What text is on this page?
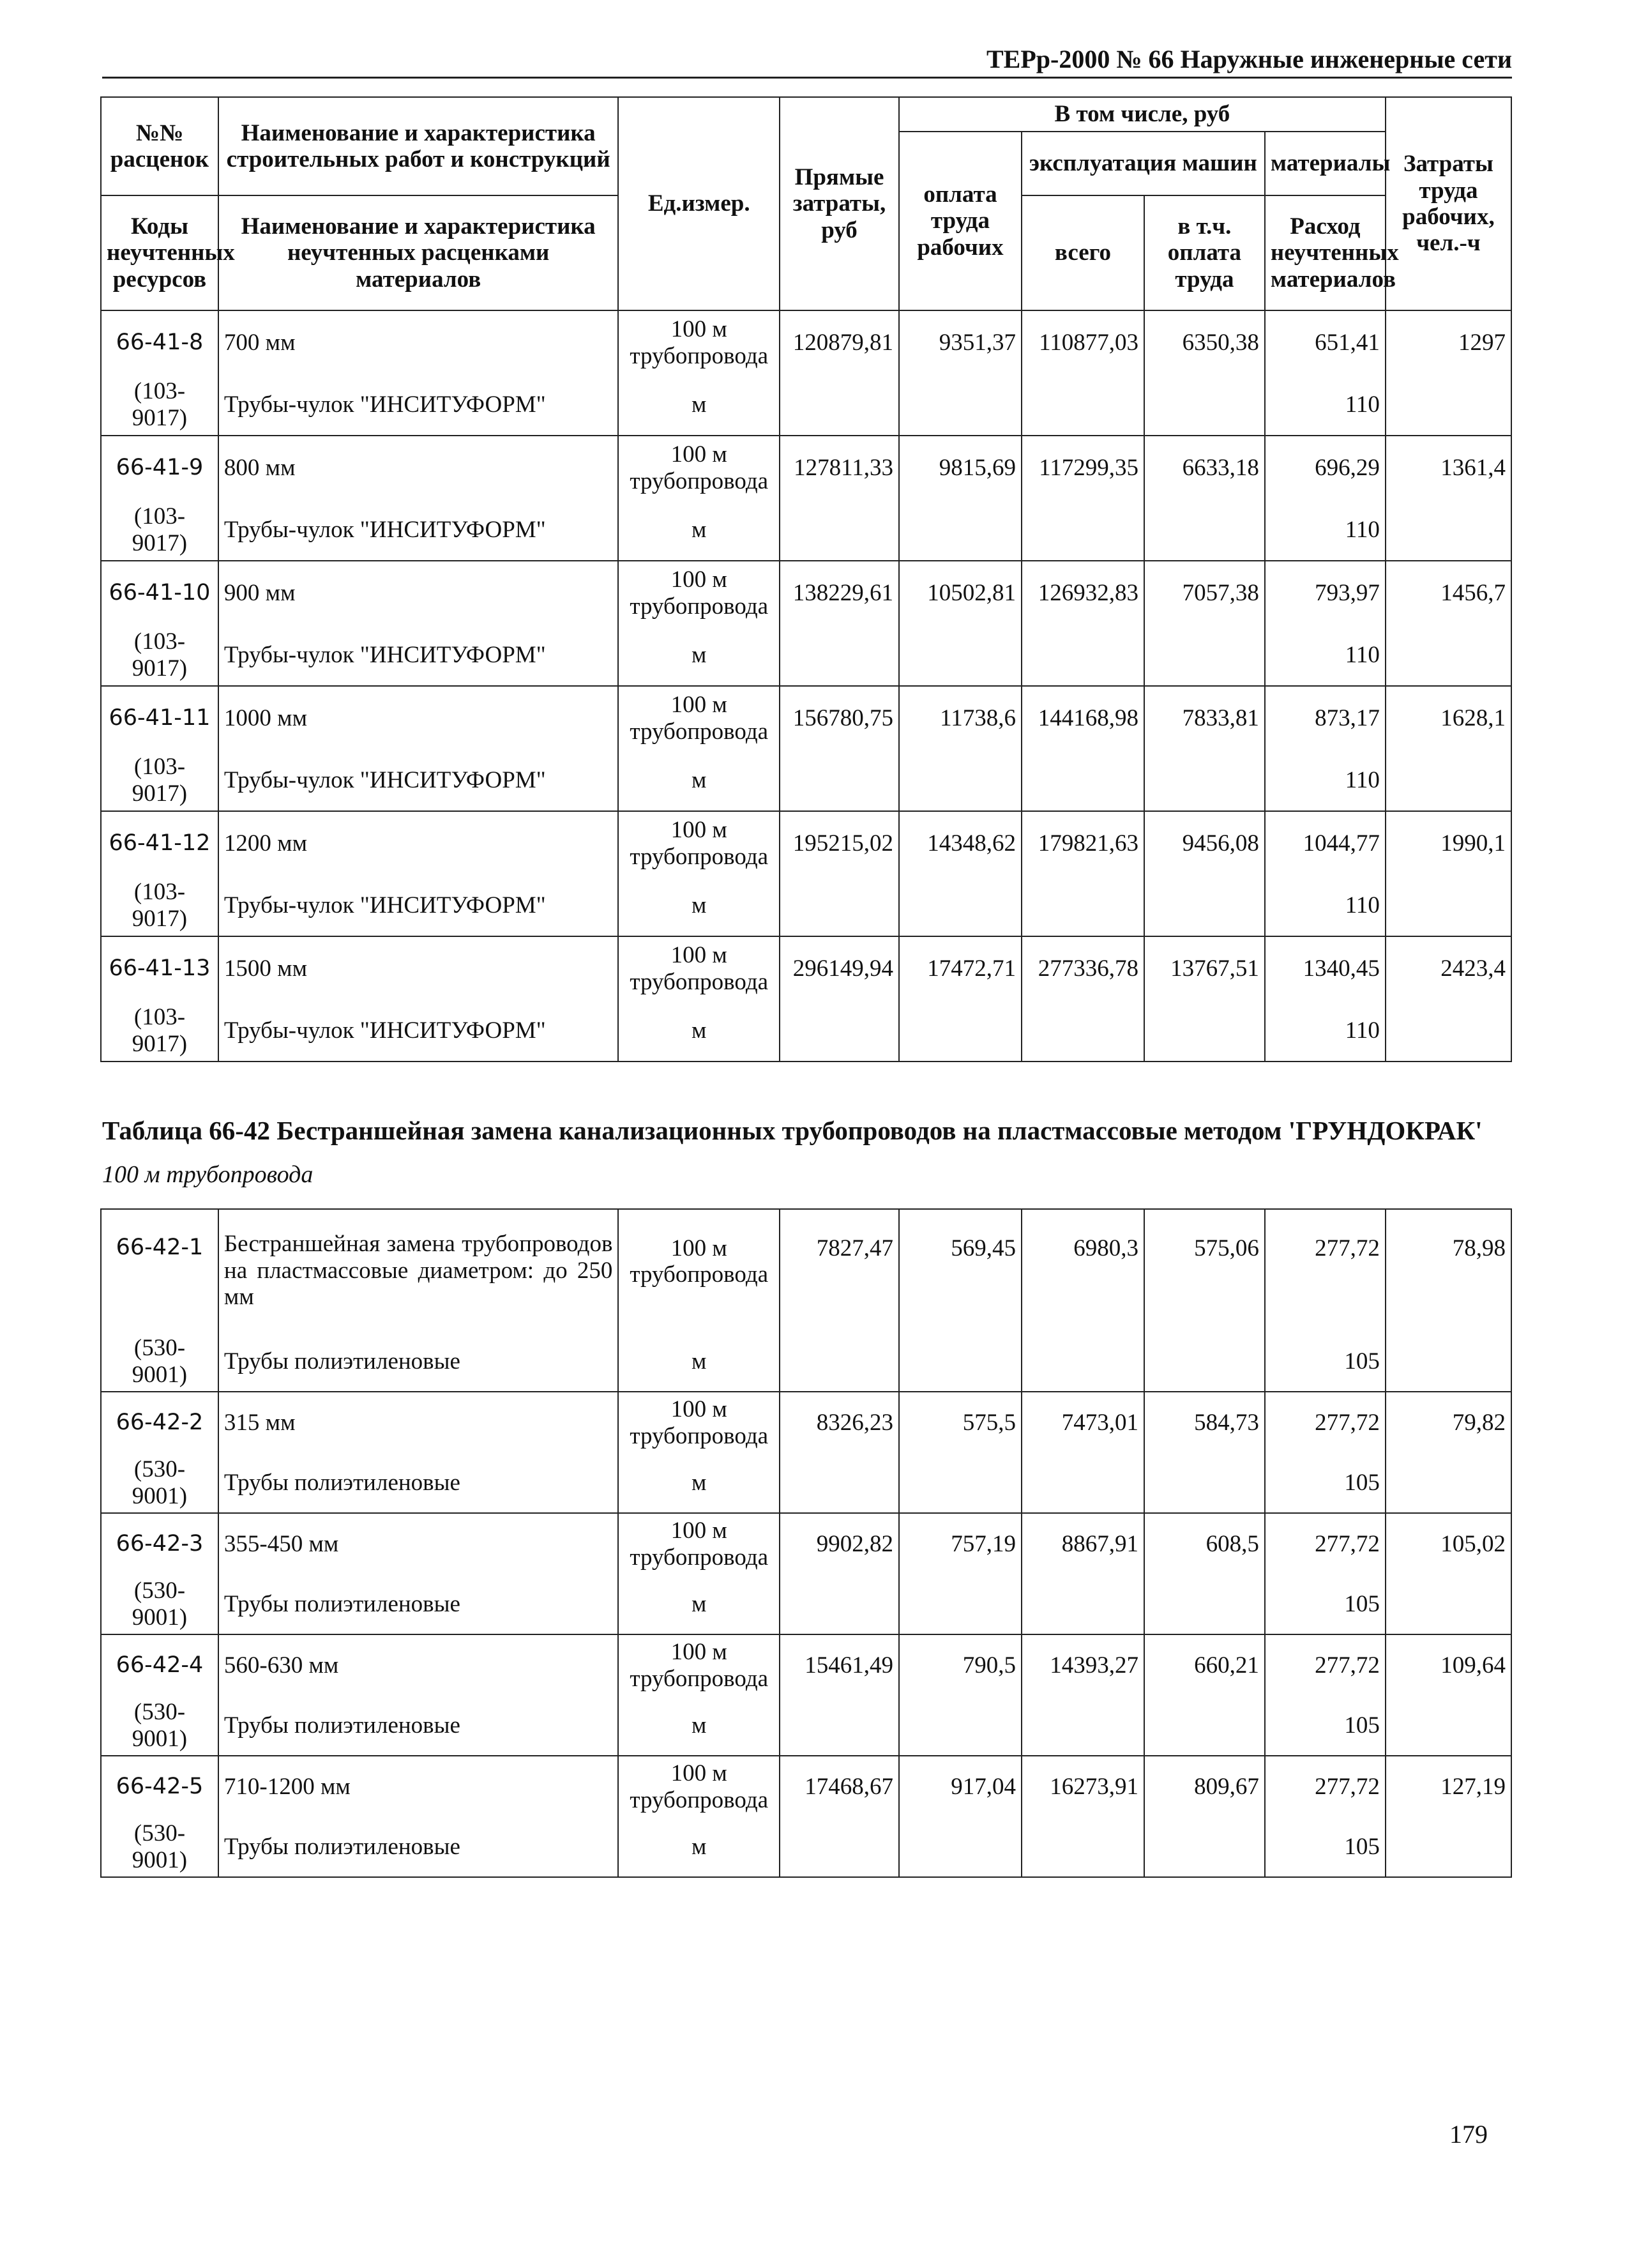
ТЕРр-2000 № 66 Наружные инженерные сети
№№ расценок	Наименование и характеристика строительных работ и конструкций	Ед.измер.	Прямые затраты, руб	В том числе, руб				Затраты труда рабочих, чел.-ч
				оплата труда рабочих	эксплуатация машин		материалы	
					всего	в т.ч. оплата труда		
Коды неучтенных ресурсов	Наименование и характеристика неучтенных расценками материалов						Расход неучтенных материалов	

66-41-8	700 мм	100 м трубопровода	120879,81	9351,37	110877,03	6350,38	651,41	1297
(103-9017)	Трубы-чулок "ИНСИТУФОРМ"	м					110	
66-41-9	800 мм	100 м трубопровода	127811,33	9815,69	117299,35	6633,18	696,29	1361,4
(103-9017)	Трубы-чулок "ИНСИТУФОРМ"	м					110	
66-41-10	900 мм	100 м трубопровода	138229,61	10502,81	126932,83	7057,38	793,97	1456,7
(103-9017)	Трубы-чулок "ИНСИТУФОРМ"	м					110	
66-41-11	1000 мм	100 м трубопровода	156780,75	11738,6	144168,98	7833,81	873,17	1628,1
(103-9017)	Трубы-чулок "ИНСИТУФОРМ"	м					110	
66-41-12	1200 мм	100 м трубопровода	195215,02	14348,62	179821,63	9456,08	1044,77	1990,1
(103-9017)	Трубы-чулок "ИНСИТУФОРМ"	м					110	
66-41-13	1500 мм	100 м трубопровода	296149,94	17472,71	277336,78	13767,51	1340,45	2423,4
(103-9017)	Трубы-чулок "ИНСИТУФОРМ"	м					110	
Таблица 66-42 Бестраншейная замена канализационных трубопроводов на пластмассовые методом 'ГРУНДОКРАК'
100 м трубопровода
179
66-42-1	Бестраншейная замена трубопроводов на пластмассовые диаметром: до 250 мм	100 м трубопровода	7827,47	569,45	6980,3	575,06	277,72	78,98
(530-9001)	Трубы полиэтиленовые	м					105	
66-42-2	315 мм	100 м трубопровода	8326,23	575,5	7473,01	584,73	277,72	79,82
(530-9001)	Трубы полиэтиленовые	м					105	
66-42-3	355-450 мм	100 м трубопровода	9902,82	757,19	8867,91	608,5	277,72	105,02
(530-9001)	Трубы полиэтиленовые	м					105	
66-42-4	560-630 мм	100 м трубопровода	15461,49	790,5	14393,27	660,21	277,72	109,64
(530-9001)	Трубы полиэтиленовые	м					105	
66-42-5	710-1200 мм	100 м трубопровода	17468,67	917,04	16273,91	809,67	277,72	127,19
(530-9001)	Трубы полиэтиленовые	м					105	
